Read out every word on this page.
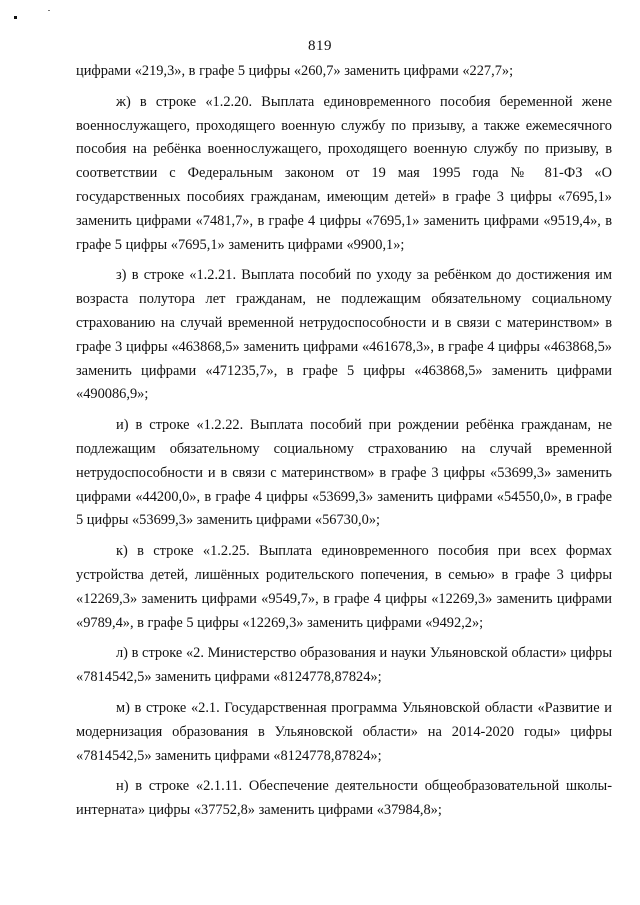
819

цифрами «219,3», в графе 5 цифры «260,7» заменить цифрами «227,7»;

ж) в строке «1.2.20. Выплата единовременного пособия беременной жене военнослужащего, проходящего военную службу по призыву, а также ежемесячного пособия на ребёнка военнослужащего, проходящего военную службу по призыву, в соответствии с Федеральным законом от 19 мая 1995 года № 81-ФЗ «О государственных пособиях гражданам, имеющим детей» в графе 3 цифры «7695,1» заменить цифрами «7481,7», в графе 4 цифры «7695,1» заменить цифрами «9519,4», в графе 5 цифры «7695,1» заменить цифрами «9900,1»;

з) в строке «1.2.21. Выплата пособий по уходу за ребёнком до достижения им возраста полутора лет гражданам, не подлежащим обязательному социальному страхованию на случай временной нетрудоспособности и в связи с материнством» в графе 3 цифры «463868,5» заменить цифрами «461678,3», в графе 4 цифры «463868,5» заменить цифрами «471235,7», в графе 5 цифры «463868,5» заменить цифрами «490086,9»;

и) в строке «1.2.22. Выплата пособий при рождении ребёнка гражданам, не подлежащим обязательному социальному страхованию на случай временной нетрудоспособности и в связи с материнством» в графе 3 цифры «53699,3» заменить цифрами «44200,0», в графе 4 цифры «53699,3» заменить цифрами «54550,0», в графе 5 цифры «53699,3» заменить цифрами «56730,0»;

к) в строке «1.2.25. Выплата единовременного пособия при всех формах устройства детей, лишённых родительского попечения, в семью» в графе 3 цифры «12269,3» заменить цифрами «9549,7», в графе 4 цифры «12269,3» заменить цифрами «9789,4», в графе 5 цифры «12269,3» заменить цифрами «9492,2»;

л) в строке «2. Министерство образования и науки Ульяновской области» цифры «7814542,5» заменить цифрами «8124778,87824»;

м) в строке «2.1. Государственная программа Ульяновской области «Развитие и модернизация образования в Ульяновской области» на 2014-2020 годы» цифры «7814542,5» заменить цифрами «8124778,87824»;

н) в строке «2.1.11. Обеспечение деятельности общеобразовательной школы-интерната» цифры «37752,8» заменить цифрами «37984,8»;
